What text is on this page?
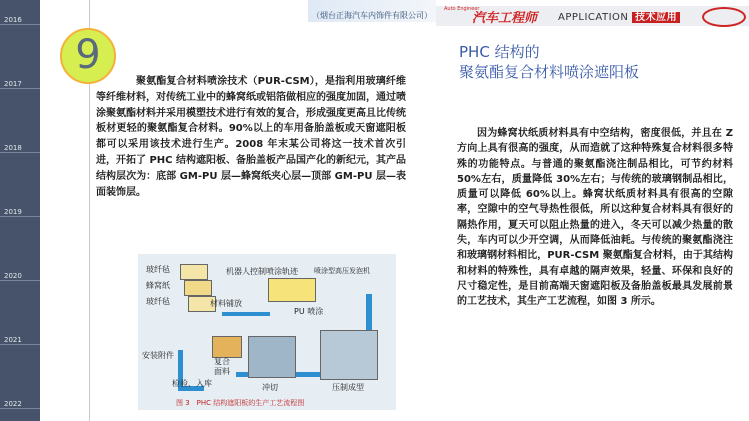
2016
2017
2018
2019
2020
2021
2022
（烟台正海汽车内饰件有限公司）
Auto Engineer
汽车工程师 APPLICATION 技术应用
9	PHC 结构的
聚氨酯复合材料喷涂遮阳板
聚氨酯复合材料喷涂技术（PUR-CSM），是指利用玻璃纤维等纤维材料，对传统工业中的蜂窝纸或铝箔做相应的强度加固，通过喷涂聚氨酯材料并采用模塑技术进行有效的复合，形成强度更高且比传统板材更轻的聚氨酯复合材料。90%以上的车用备胎盖板或天窗遮阳板都可以采用该技术进行生产。2008 年末某公司将这一技术首次引进，开拓了 PHC 结构遮阳板、备胎盖板产品国产化的新纪元，其产品结构层次为：底部 GM-PU 层—蜂窝纸夹心层—顶部 GM-PU 层—表面装饰层。
因为蜂窝状纸质材料具有中空结构，密度很低，并且在 Z 方向上具有很高的强度，从而造就了这种特殊复合材料很多特殊的功能特点。与普通的聚氨酯浇注制品相比，可节约材料 50%左右，质量降低 30%左右；与传统的玻璃钢制品相比，质量可以降低 60%以上。蜂窝状纸质材料具有很高的空隙率，空隙中的空气导热性很低，所以这种复合材料具有很好的隔热作用，夏天可以阻止热量的进入，冬天可以减少热量的散失，车内可以少开空调，从而降低油耗。与传统的聚氨酯浇注和玻璃钢材料相比，PUR-CSM 聚氨酯复合材料，由于其结构和材料的特殊性，具有卓越的隔声效果，轻量、环保和良好的尺寸稳定性，是目前高端天窗遮阳板及备胎盖板最具发展前景的工艺技术，其生产工艺流程，如图 3 所示。
玻纤毡
蜂窝纸
玻纤毡
机器人控制喷涂轨迹 喷涂型高压发泡机
材料铺放
PU 喷涂
复合
面料
安装附件
检验、入库	冲切	压制成型
图 3　PHC 结构遮阳板的生产工艺流程图
